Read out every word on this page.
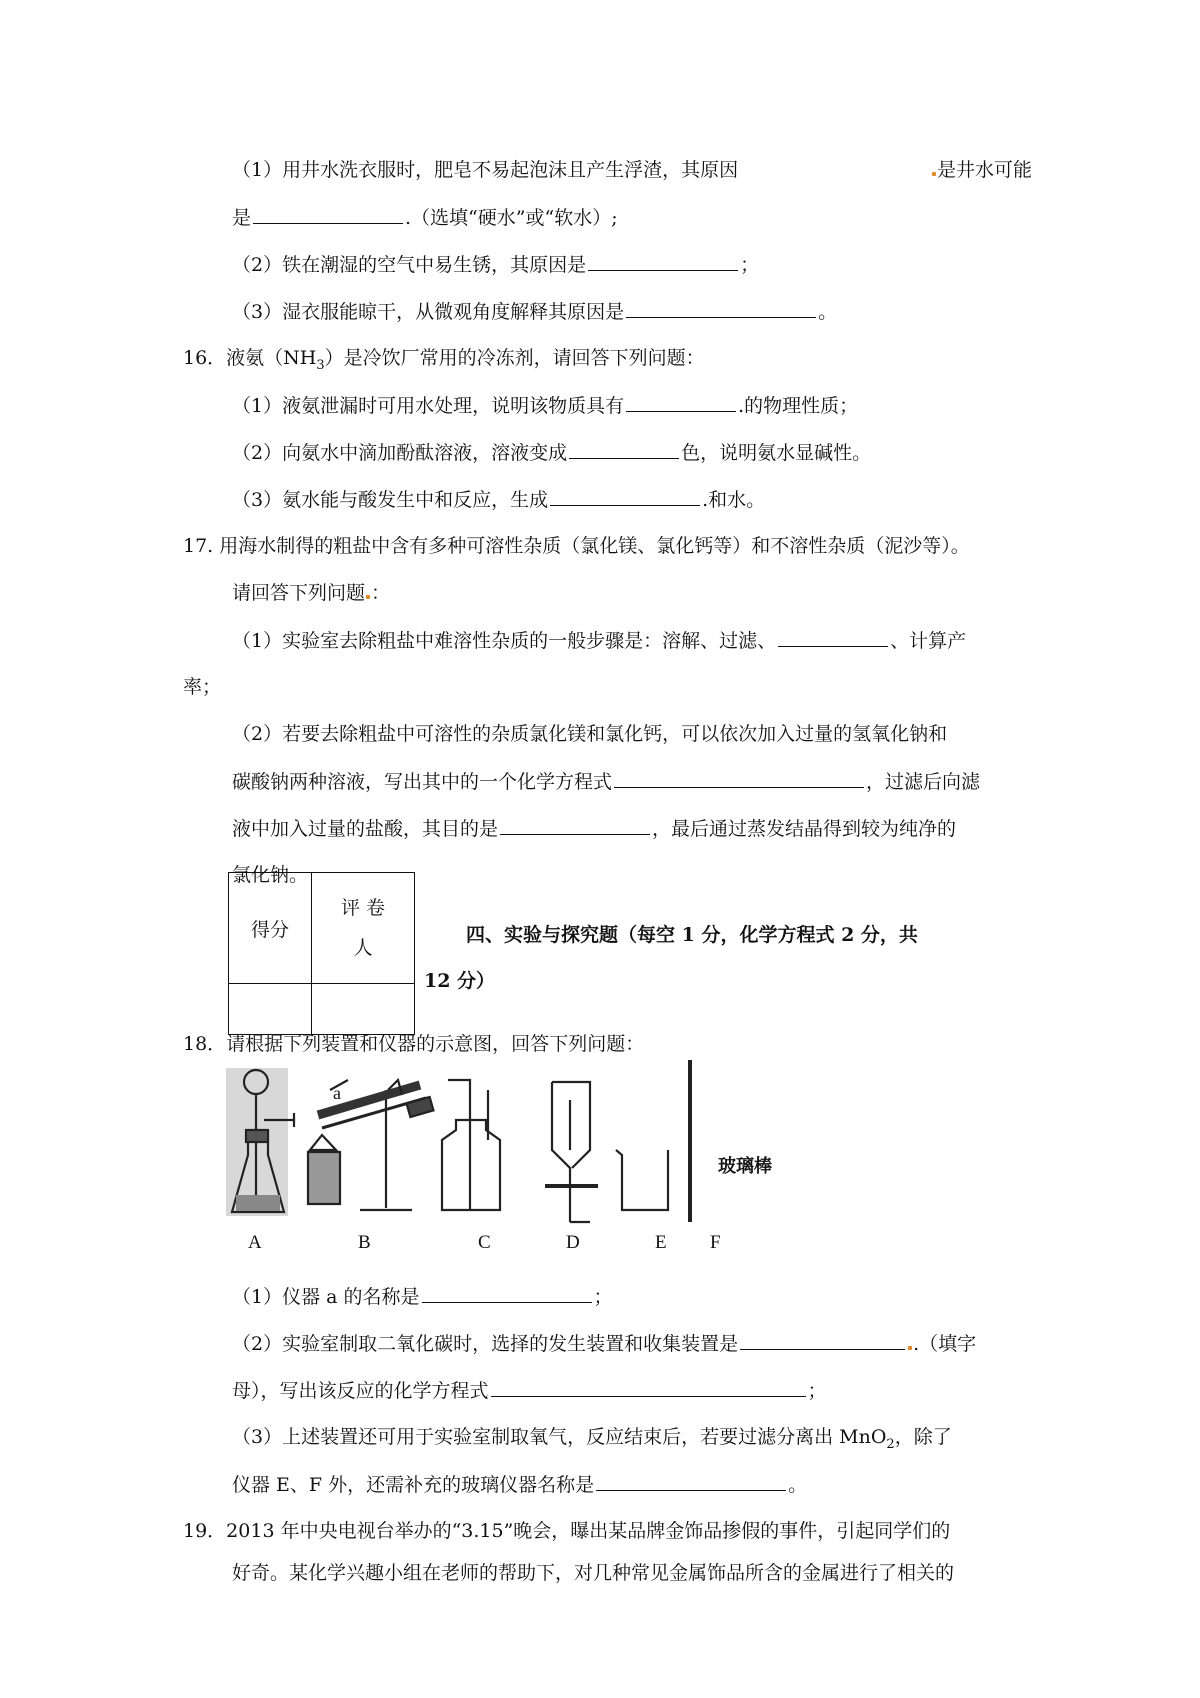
（1）用井水洗衣服时，肥皂不易起泡沫且产生浮渣，其原因	是井水可能
是	.（选填“硬水”或“软水）;
（2）铁在潮湿的空气中易生锈，其原因是	；
（3）湿衣服能晾干，从微观角度解释其原因是	。
16．液氨$(NH_3)$是冷饮厂常用的冷冻剂，请回答下列问题：
（1）液氨泄漏时可用水处理，说明该物质具有	.的物理性质；
（2）向氨水中滴加酚酞溶液，溶液变成	色，说明氨水显碱性。
（3）氨水能与酸发生中和反应，生成	.和水。
17. 用海水制得的粗盐中含有多种可溶性杂质（氯化镁、氯化钙等）和不溶性杂质（泥沙等）。
请回答下列问题 ：
（1）实验室去除粗盐中难溶性杂质的一般步骤是：溶解、过滤、	、计算产
率；
（2）若要去除粗盐中可溶性的杂质氯化镁和氯化钙，可以依次加入过量的氢氧化钠和
碳酸钠两种溶液，写出其中的一个化学方程式	，过滤后向滤
液中加入过量的盐酸，其目的是	，最后通过蒸发结晶得到较为纯净的
氯化钠。
得分	评 卷
人

四、实验与探究题（每空 1 分，化学方程式 2 分，共
12 分）
18．请根据下列装置和仪器的示意图，回答下列问题：
a
玻璃棒
A	B	C	D	E F
（1）仪器 a 的名称是	；
（2）实验室制取二氧化碳时，选择的发生装置和收集装置是	.（填字
母），写出该反应的化学方程式	；
（3）上述装置还可用于实验室制取氧气，反应结束后，若要过滤分离出 MnO$_2$，除了
仪器 E、F 外，还需补充的玻璃仪器名称是	。
19．2013 年中央电视台举办的“3.15”晚会，曝出某品牌金饰品掺假的事件，引起同学们的
好奇。某化学兴趣小组在老师的帮助下，对几种常见金属饰品所含的金属进行了相关的
